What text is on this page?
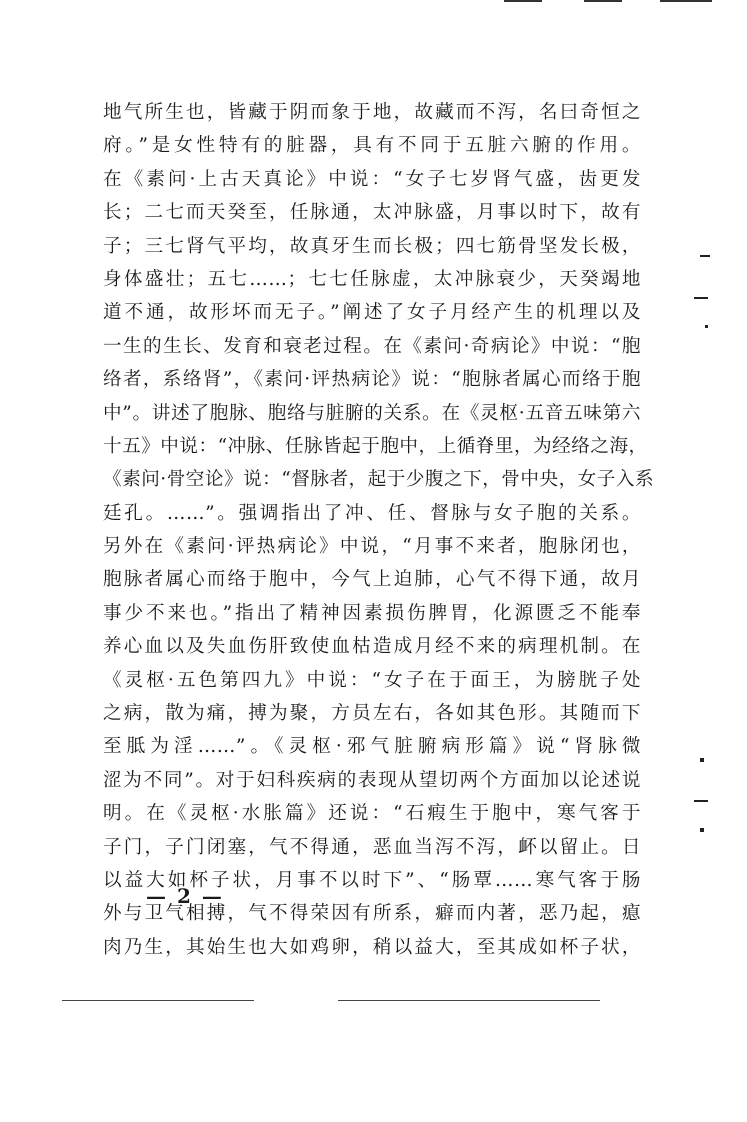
地气所生也，皆藏于阴而象于地，故藏而不泻，名曰奇恒之
府。”是女性特有的脏器，具有不同于五脏六腑的作用。
在《素问·上古天真论》中说：“女子七岁肾气盛，齿更发
长；二七而天癸至，任脉通，太冲脉盛，月事以时下，故有
子；三七肾气平均，故真牙生而长极；四七筋骨坚发长极，
身体盛壮；五七……；七七任脉虚，太冲脉衰少，天癸竭地
道不通，故形坏而无子。”阐述了女子月经产生的机理以及
一生的生长、发育和衰老过程。在《素问·奇病论》中说：“胞
络者，系络肾”，《素问·评热病论》说：“胞脉者属心而络于胞
中”。讲述了胞脉、胞络与脏腑的关系。在《灵枢·五音五味第六
十五》中说：“冲脉、任脉皆起于胞中，上循脊里，为经络之海，
《素问·骨空论》说：“督脉者，起于少腹之下，骨中央，女子入系
廷孔。……”。强调指出了冲、任、督脉与女子胞的关系。
另外在《素问·评热病论》中说，“月事不来者，胞脉闭也，
胞脉者属心而络于胞中，今气上迫肺，心气不得下通，故月
事少不来也。”指出了精神因素损伤脾胃，化源匮乏不能奉
养心血以及失血伤肝致使血枯造成月经不来的病理机制。在
《灵枢·五色第四九》中说：“女子在于面王，为膀胱子处
之病，散为痛，搏为聚，方员左右，各如其色形。其随而下
至胝为淫……”。《灵枢·邪气脏腑病形篇》说“肾脉微
涩为不同”。对于妇科疾病的表现从望切两个方面加以论述说
明。在《灵枢·水胀篇》还说：“石瘕生于胞中，寒气客于
子门，子门闭塞，气不得通，恶血当泻不泻，衃以留止。日
以益大如杯子状，月事不以时下”、“肠覃……寒气客于肠
外与卫气相搏，气不得荣因有所系，癖而内著，恶乃起，瘜
肉乃生，其始生也大如鸡卵，稍以益大，至其成如杯子状，
— 2 —
